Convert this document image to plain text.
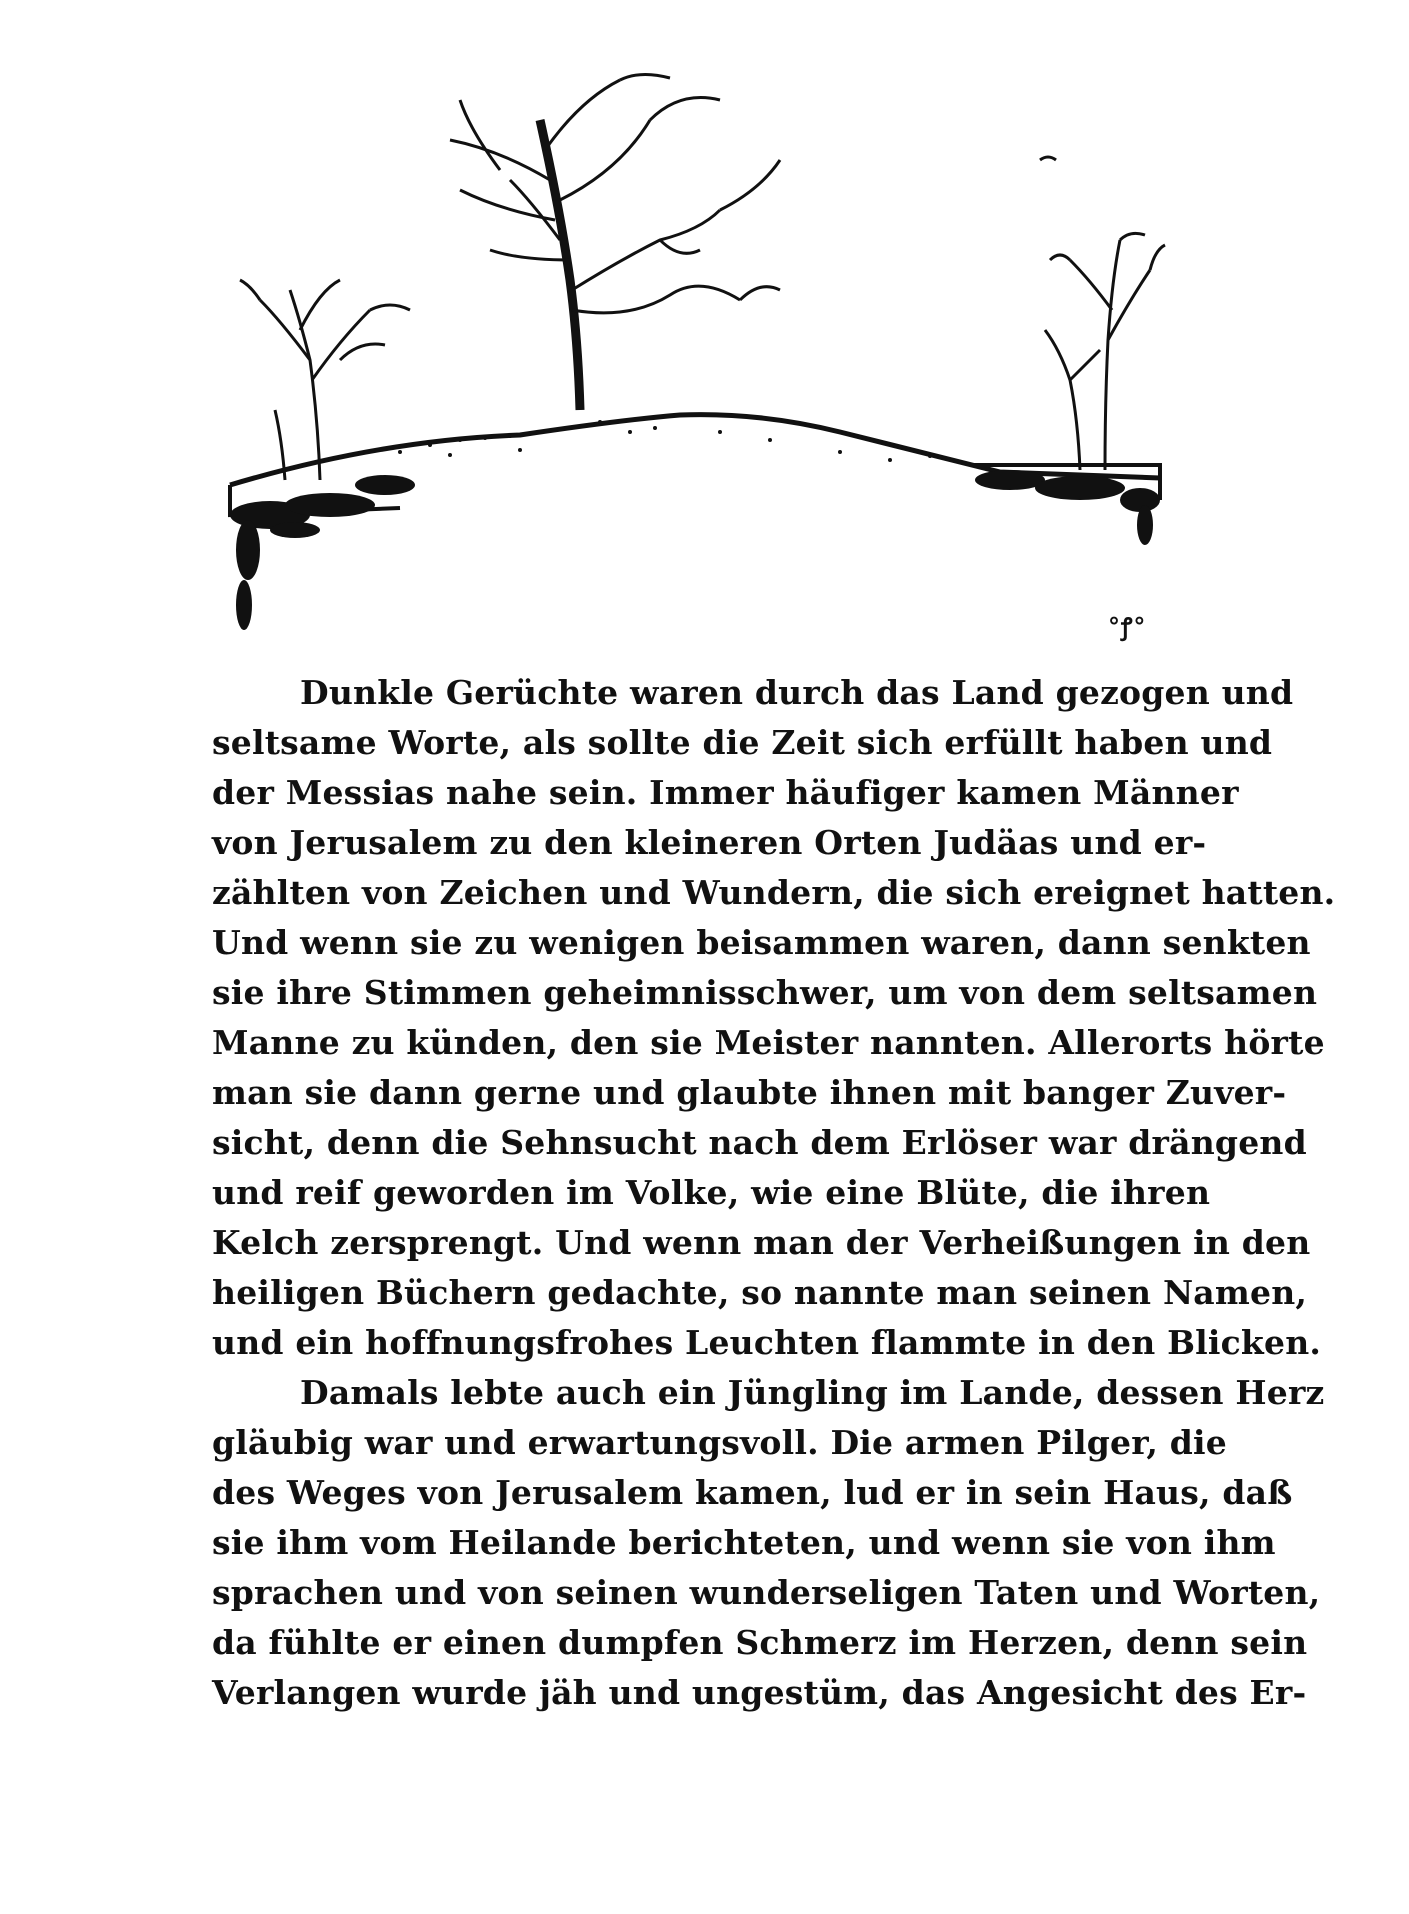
°ꝭ°
Dunkle Gerüchte waren durch das Land gezogen und
seltsame Worte, als sollte die Zeit sich erfüllt haben und
der Messias nahe sein. Immer häufiger kamen Männer
von Jerusalem zu den kleineren Orten Judäas und er-
zählten von Zeichen und Wundern, die sich ereignet hatten.
Und wenn sie zu wenigen beisammen waren, dann senkten
sie ihre Stimmen geheimnisschwer, um von dem seltsamen
Manne zu künden, den sie Meister nannten. Allerorts hörte
man sie dann gerne und glaubte ihnen mit banger Zuver-
sicht, denn die Sehnsucht nach dem Erlöser war drängend
und reif geworden im Volke, wie eine Blüte, die ihren
Kelch zersprengt. Und wenn man der Verheißungen in den
heiligen Büchern gedachte, so nannte man seinen Namen,
und ein hoffnungsfrohes Leuchten flammte in den Blicken.
Damals lebte auch ein Jüngling im Lande, dessen Herz
gläubig war und erwartungsvoll. Die armen Pilger, die
des Weges von Jerusalem kamen, lud er in sein Haus, daß
sie ihm vom Heilande berichteten, und wenn sie von ihm
sprachen und von seinen wunderseligen Taten und Worten,
da fühlte er einen dumpfen Schmerz im Herzen, denn sein
Verlangen wurde jäh und ungestüm, das Angesicht des Er-
